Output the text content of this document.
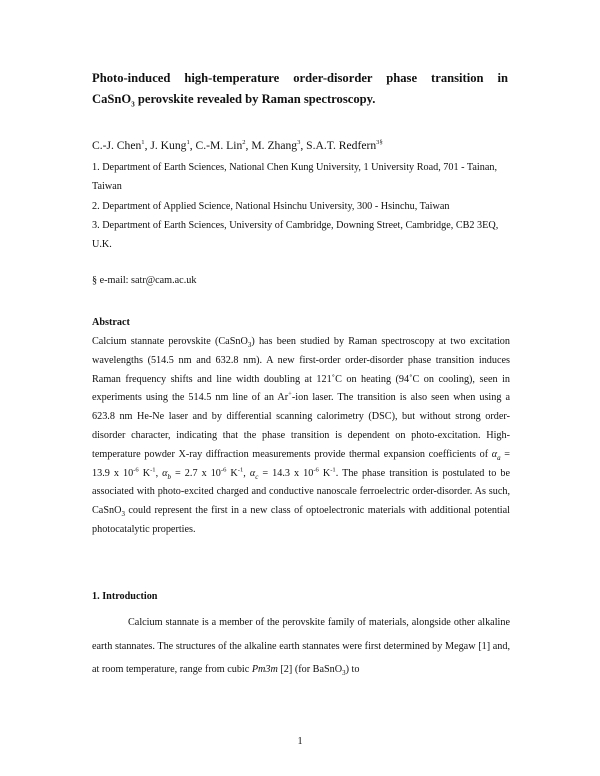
Photo-induced high-temperature order-disorder phase transition in
CaSnO$_3$ perovskite revealed by Raman spectroscopy.
C.-J. Chen$^1$, J. Kung$^1$, C.-M. Lin$^2$, M. Zhang$^3$, S.A.T. Redfern$^{3\S}$
1. Department of Earth Sciences, National Chen Kung University, 1 University Road, 701 - Tainan, Taiwan
2. Department of Applied Science, National Hsinchu University, 300 - Hsinchu, Taiwan
3. Department of Earth Sciences, University of Cambridge, Downing Street, Cambridge, CB2 3EQ, U.K.
§ e-mail: satr@cam.ac.uk
Abstract
Calcium stannate perovskite (CaSnO$_3$) has been studied by Raman spectroscopy at two excitation wavelengths (514.5 nm and 632.8 nm). A new first-order order-disorder phase transition induces Raman frequency shifts and line width doubling at 121˚C on heating (94˚C on cooling), seen in experiments using the 514.5 nm line of an Ar+-ion laser. The transition is also seen when using a 623.8 nm He-Ne laser and by differential scanning calorimetry (DSC), but without strong order-disorder character, indicating that the phase transition is dependent on photo-excitation. High-temperature powder X-ray diffraction measurements provide thermal expansion coefficients of $\alpha_a = 13.9$ x $10^{-6}$ $K^{-1}$, $\alpha_b = 2.7$ x $10^{-6}$ $K^{-1}$, $\alpha_c = 14.3$ x $10^{-6}$ $K^{-1}$. The phase transition is postulated to be associated with photo-excited charged and conductive nanoscale ferroelectric order-disorder. As such, CaSnO$_3$ could represent the first in a new class of optoelectronic materials with additional potential photocatalytic properties.
1. Introduction
Calcium stannate is a member of the perovskite family of materials, alongside other alkaline earth stannates. The structures of the alkaline earth stannates were first determined by Megaw [1] and, at room temperature, range from cubic Pm3m [2] (for BaSnO$_3$) to
1
